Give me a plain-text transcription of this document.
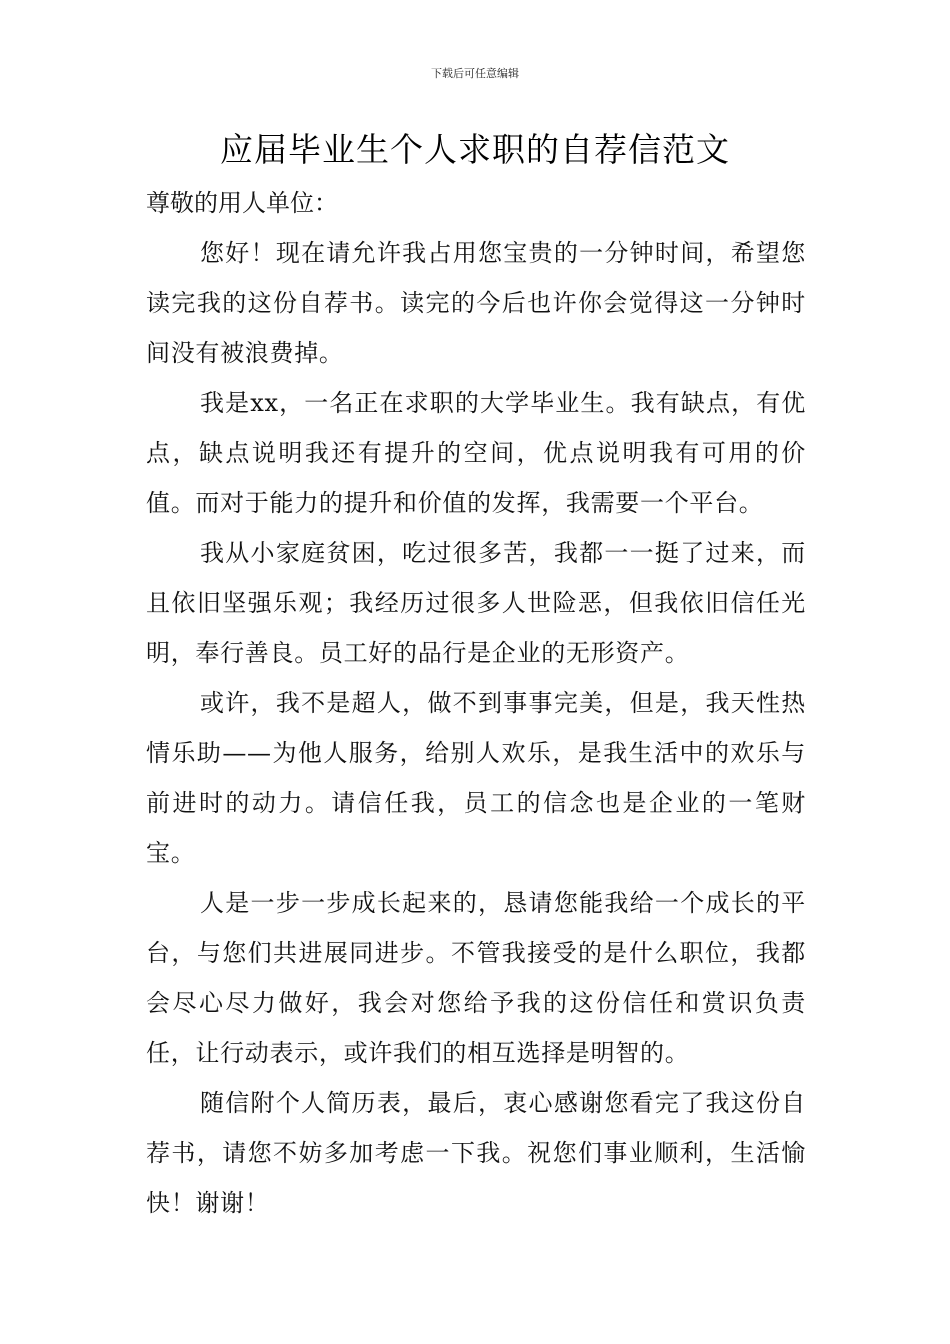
下载后可任意编辑
应届毕业生个人求职的自荐信范文

尊敬的用人单位：

您好！现在请允许我占用您宝贵的一分钟时间，希望您读完我的这份自荐书。读完的今后也许你会觉得这一分钟时间没有被浪费掉。

我是xx，一名正在求职的大学毕业生。我有缺点，有优点，缺点说明我还有提升的空间，优点说明我有可用的价值。而对于能力的提升和价值的发挥，我需要一个平台。

我从小家庭贫困，吃过很多苦，我都一一挺了过来，而且依旧坚强乐观；我经历过很多人世险恶，但我依旧信任光明，奉行善良。员工好的品行是企业的无形资产。

或许，我不是超人，做不到事事完美，但是，我天性热情乐助——为他人服务，给别人欢乐，是我生活中的欢乐与前进时的动力。请信任我，员工的信念也是企业的一笔财宝。

人是一步一步成长起来的，恳请您能我给一个成长的平台，与您们共进展同进步。不管我接受的是什么职位，我都会尽心尽力做好，我会对您给予我的这份信任和赏识负责任，让行动表示，或许我们的相互选择是明智的。

随信附个人简历表，最后，衷心感谢您看完了我这份自荐书，请您不妨多加考虑一下我。祝您们事业顺利，生活愉快！谢谢！
